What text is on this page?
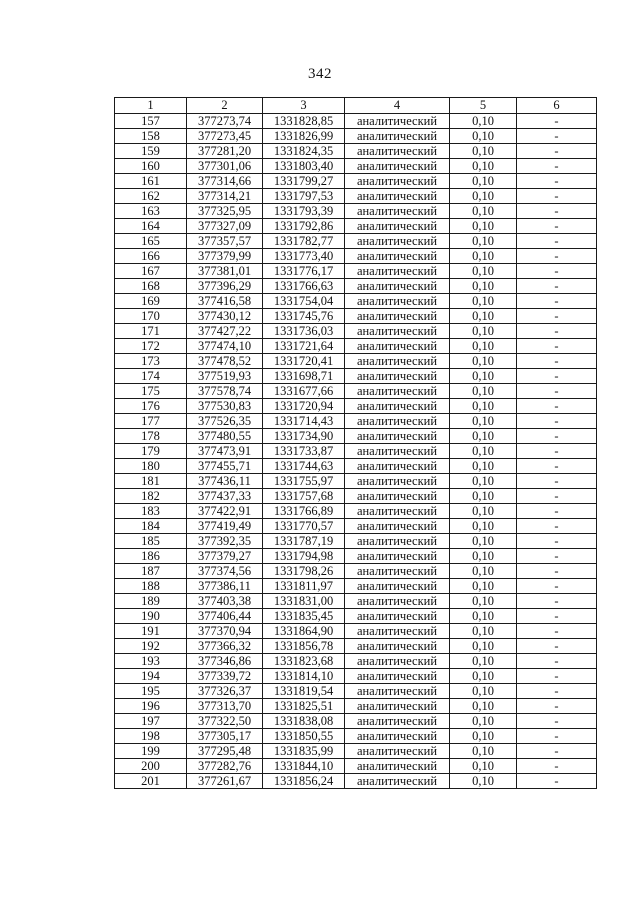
342
1	2	3	4	5	6
157	377273,74	1331828,85	аналитический	0,10	-
158	377273,45	1331826,99	аналитический	0,10	-
159	377281,20	1331824,35	аналитический	0,10	-
160	377301,06	1331803,40	аналитический	0,10	-
161	377314,66	1331799,27	аналитический	0,10	-
162	377314,21	1331797,53	аналитический	0,10	-
163	377325,95	1331793,39	аналитический	0,10	-
164	377327,09	1331792,86	аналитический	0,10	-
165	377357,57	1331782,77	аналитический	0,10	-
166	377379,99	1331773,40	аналитический	0,10	-
167	377381,01	1331776,17	аналитический	0,10	-
168	377396,29	1331766,63	аналитический	0,10	-
169	377416,58	1331754,04	аналитический	0,10	-
170	377430,12	1331745,76	аналитический	0,10	-
171	377427,22	1331736,03	аналитический	0,10	-
172	377474,10	1331721,64	аналитический	0,10	-
173	377478,52	1331720,41	аналитический	0,10	-
174	377519,93	1331698,71	аналитический	0,10	-
175	377578,74	1331677,66	аналитический	0,10	-
176	377530,83	1331720,94	аналитический	0,10	-
177	377526,35	1331714,43	аналитический	0,10	-
178	377480,55	1331734,90	аналитический	0,10	-
179	377473,91	1331733,87	аналитический	0,10	-
180	377455,71	1331744,63	аналитический	0,10	-
181	377436,11	1331755,97	аналитический	0,10	-
182	377437,33	1331757,68	аналитический	0,10	-
183	377422,91	1331766,89	аналитический	0,10	-
184	377419,49	1331770,57	аналитический	0,10	-
185	377392,35	1331787,19	аналитический	0,10	-
186	377379,27	1331794,98	аналитический	0,10	-
187	377374,56	1331798,26	аналитический	0,10	-
188	377386,11	1331811,97	аналитический	0,10	-
189	377403,38	1331831,00	аналитический	0,10	-
190	377406,44	1331835,45	аналитический	0,10	-
191	377370,94	1331864,90	аналитический	0,10	-
192	377366,32	1331856,78	аналитический	0,10	-
193	377346,86	1331823,68	аналитический	0,10	-
194	377339,72	1331814,10	аналитический	0,10	-
195	377326,37	1331819,54	аналитический	0,10	-
196	377313,70	1331825,51	аналитический	0,10	-
197	377322,50	1331838,08	аналитический	0,10	-
198	377305,17	1331850,55	аналитический	0,10	-
199	377295,48	1331835,99	аналитический	0,10	-
200	377282,76	1331844,10	аналитический	0,10	-
201	377261,67	1331856,24	аналитический	0,10	-
